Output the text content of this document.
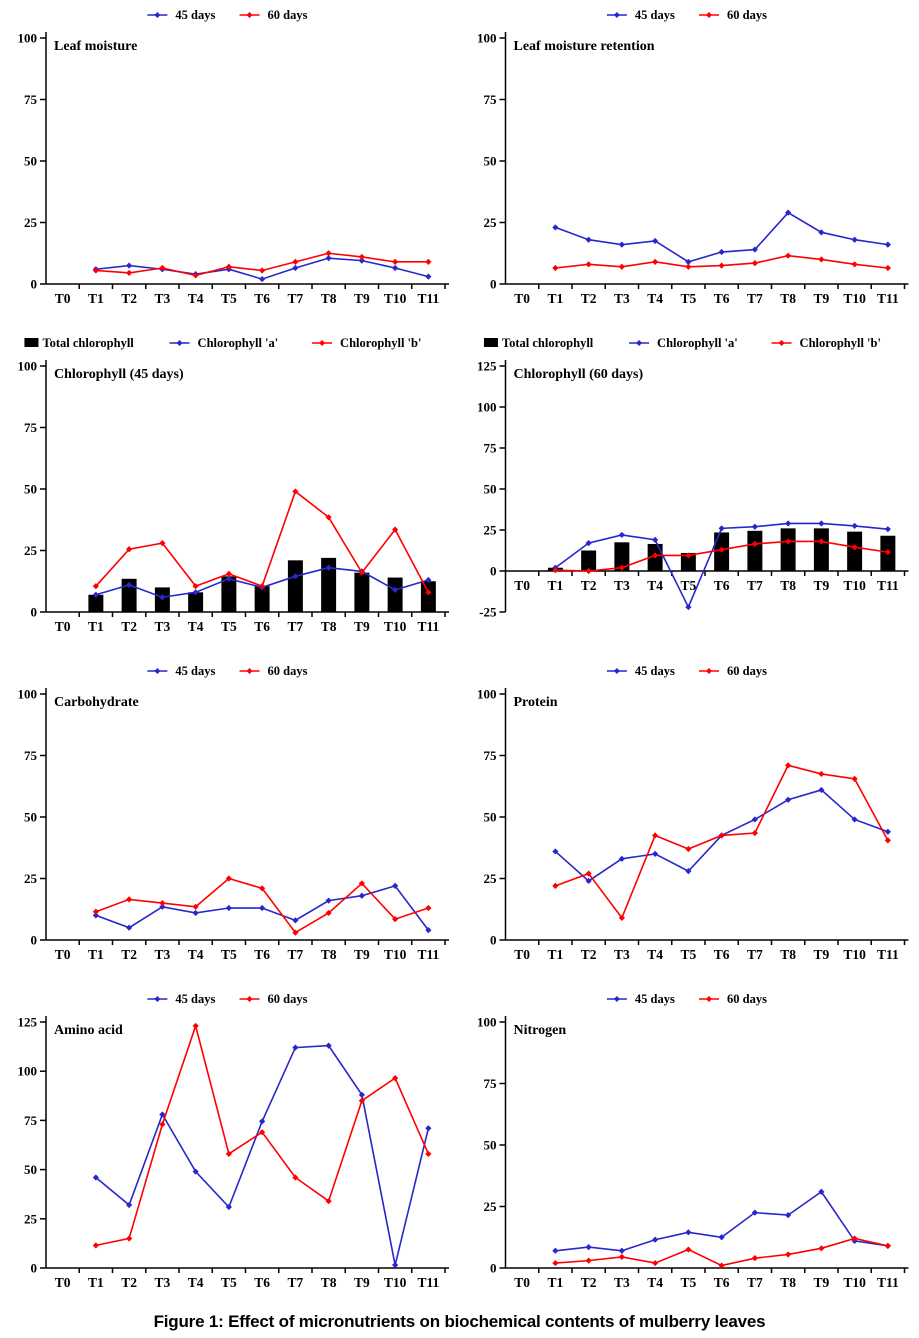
45 days	60 days
0
25
50
75
100
T0 T1 T2 T3 T4 T5 T6 T7 T8 T9 T10 T11
Leaf moisture
45 days	60 days
0
25
50
75
100
T0 T1 T2 T3 T4 T5 T6 T7 T8 T9 T10 T11
Leaf moisture retention
Total chlorophyll	Chlorophyll 'a'	Chlorophyll 'b'
0
25
50
75
100
T0 T1 T2 T3 T4 T5 T6 T7 T8 T9 T10 T11
Chlorophyll (45 days)
Total chlorophyll	Chlorophyll 'a'	Chlorophyll 'b'
-25
0
25
50
75
100
125
T0 T1 T2 T3 T4 T5 T6 T7 T8 T9 T10 T11
Chlorophyll (60 days)
45 days	60 days
0
25
50
75
100
T0 T1 T2 T3 T4 T5 T6 T7 T8 T9 T10 T11
Carbohydrate
45 days	60 days
0
25
50
75
100
T0 T1 T2 T3 T4 T5 T6 T7 T8 T9 T10 T11
Protein
45 days	60 days
0
25
50
75
100
125
T0 T1 T2 T3 T4 T5 T6 T7 T8 T9 T10 T11
Amino acid
45 days	60 days
0
25
50
75
100
T0 T1 T2 T3 T4 T5 T6 T7 T8 T9 T10 T11
Nitrogen
Figure 1: Effect of micronutrients on biochemical contents of mulberry leaves
